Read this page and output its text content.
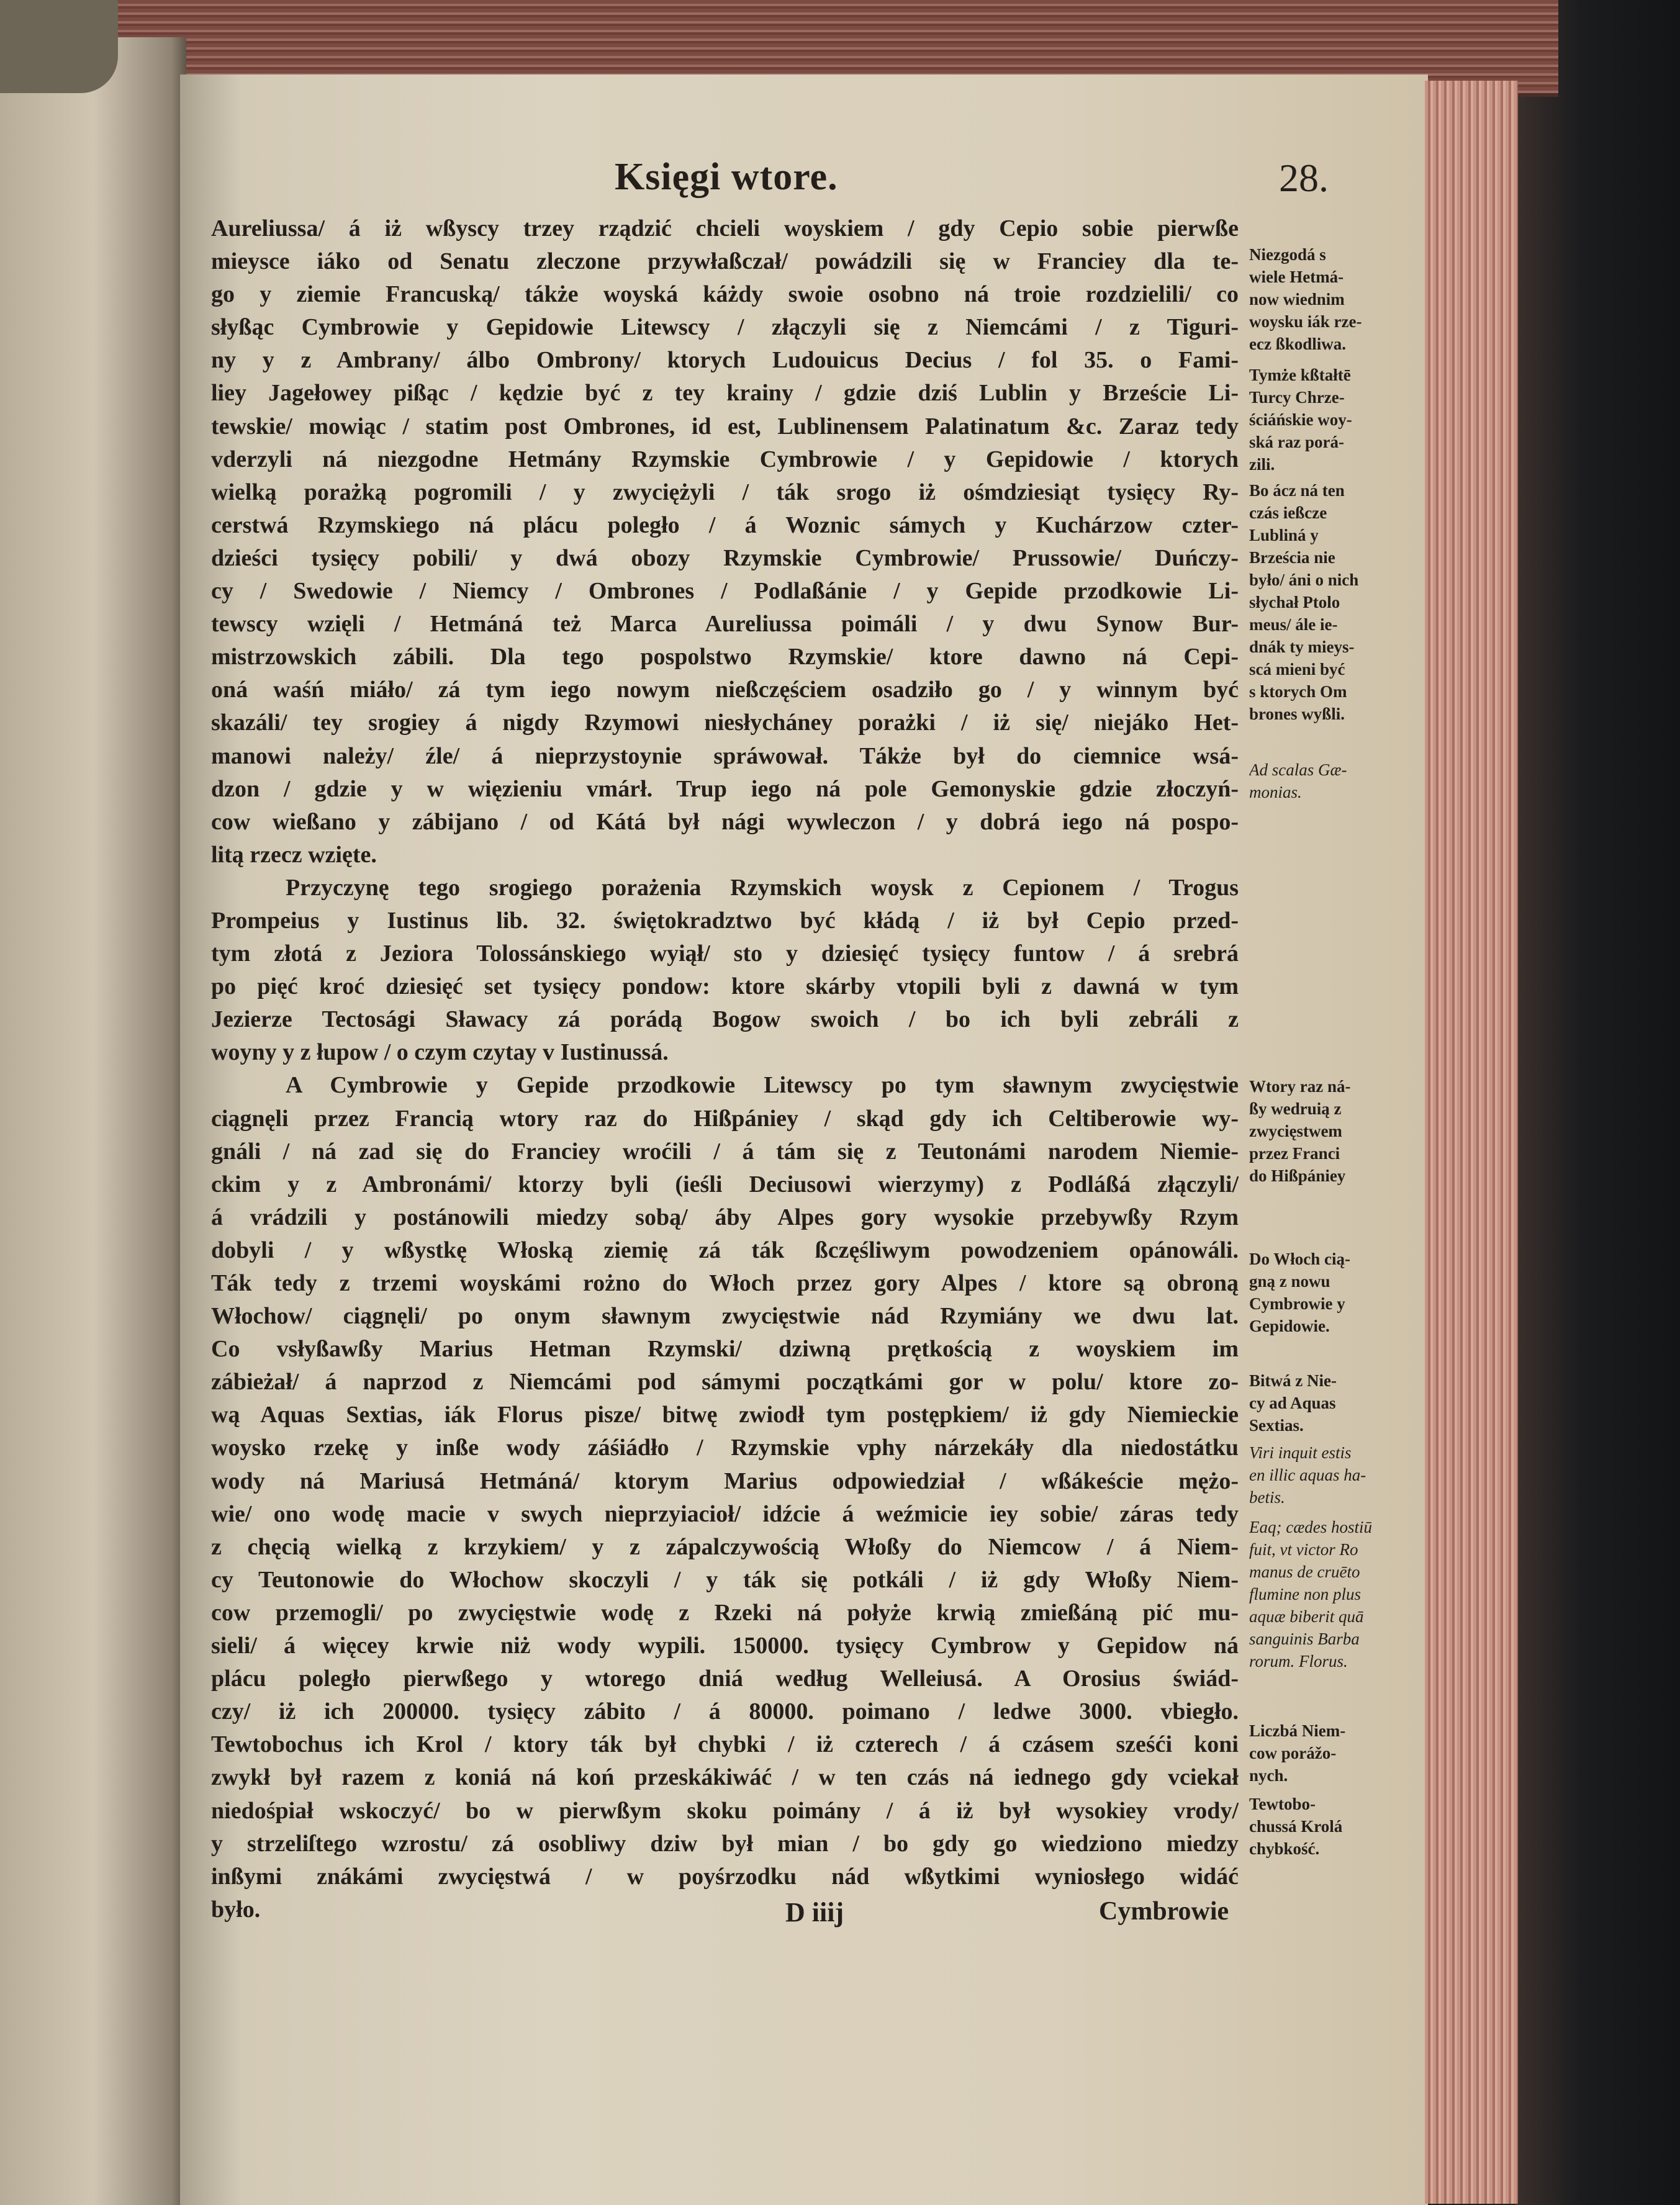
Księgi wtore.	28.
Aureliussa/ á iż wßyscy trzey rządzić chcieli woyskiem / gdy Cepio sobie pierwße
mieysce iáko od Senatu zleczone przywłaßczał/ powádzili się w Franciey dla te-
go y ziemie Francuską/ tákże woyská káżdy swoie osobno ná troie rozdzielili/ co
słyßąc Cymbrowie y Gepidowie Litewscy / złączyli się z Niemcámi / z Tiguri-
ny y z Ambrany/ álbo Ombrony/ ktorych Ludouicus Decius / fol 35. o Fami-
liey Jagełowey pißąc / kędzie być z tey krainy / gdzie dziś Lublin y Brzeście Li-
tewskie/ mowiąc / statim post Ombrones, id est, Lublinensem Palatinatum &c. Zaraz tedy
vderzyli ná niezgodne Hetmány Rzymskie Cymbrowie / y Gepidowie / ktorych
wielką porażką pogromili / y zwyciężyli / ták srogo iż ośmdziesiąt tysięcy Ry-
cerstwá Rzymskiego ná plácu poległo / á Woznic sámych y Kuchárzow czter-
dzieści tysięcy pobili/ y dwá obozy Rzymskie Cymbrowie/ Prussowie/ Duńczy-
cy / Swedowie / Niemcy / Ombrones / Podlaßánie / y Gepide przodkowie Li-
tewscy wzięli / Hetmáná też Marca Aureliussa poimáli / y dwu Synow Bur-
mistrzowskich zábili. Dla tego pospolstwo Rzymskie/ ktore dawno ná Cepi-
oná waśń miáło/ zá tym iego nowym nießczęściem osadziło go / y winnym być
skazáli/ tey srogiey á nigdy Rzymowi niesłycháney porażki / iż się/ niejáko Het-
manowi należy/ źle/ á nieprzystoynie spráwował. Tákże był do ciemnice wsá-
dzon / gdzie y w więzieniu vmárł. Trup iego ná pole Gemonyskie gdzie złoczyń-
cow wießano y zábijano / od Kátá był nági wywleczon / y dobrá iego ná pospo-
litą rzecz wzięte.
Przyczynę tego srogiego porażenia Rzymskich woysk z Cepionem / Trogus
Prompeius y Iustinus lib. 32. świętokradztwo być kłádą / iż był Cepio przed-
tym złotá z Jeziora Tolossánskiego wyiął/ sto y dziesięć tysięcy funtow / á srebrá
po pięć kroć dziesięć set tysięcy pondow: ktore skárby vtopili byli z dawná w tym
Jezierze Tectosági Sławacy zá porádą Bogow swoich / bo ich byli zebráli z
woyny y z łupow / o czym czytay v Iustinussá.
A Cymbrowie y Gepide przodkowie Litewscy po tym sławnym zwycięstwie
ciągnęli przez Francią wtory raz do Hißpániey / skąd gdy ich Celtiberowie wy-
gnáli / ná zad się do Franciey wroćili / á tám się z Teutonámi narodem Niemie-
ckim y z Ambronámi/ ktorzy byli (ieśli Deciusowi wierzymy) z Podláßá złączyli/
á vrádzili y postánowili miedzy sobą/ áby Alpes gory wysokie przebywßy Rzym
dobyli / y wßystkę Włoską ziemię zá ták ßczęśliwym powodzeniem opánowáli.
Ták tedy z trzemi woyskámi rożno do Włoch przez gory Alpes / ktore są obroną
Włochow/ ciągnęli/ po onym sławnym zwycięstwie nád Rzymiány we dwu lat.
Co vsłyßawßy Marius Hetman Rzymski/ dziwną prętkością z woyskiem im
zábieżał/ á naprzod z Niemcámi pod sámymi początkámi gor w polu/ ktore zo-
wą Aquas Sextias, iák Florus pisze/ bitwę zwiodł tym postępkiem/ iż gdy Niemieckie
woysko rzekę y inße wody záśiádło / Rzymskie vphy nárzekáły dla niedostátku
wody ná Mariusá Hetmáná/ ktorym Marius odpowiedział / wßákeście mężo-
wie/ ono wodę macie v swych nieprzyiacioł/ idźcie á weźmicie iey sobie/ záras tedy
z chęcią wielką z krzykiem/ y z zápalczywością Włoßy do Niemcow / á Niem-
cy Teutonowie do Włochow skoczyli / y ták się potkáli / iż gdy Włoßy Niem-
cow przemogli/ po zwycięstwie wodę z Rzeki ná połyże krwią zmießáną pić mu-
sieli/ á więcey krwie niż wody wypili. 150000. tysięcy Cymbrow y Gepidow ná
plácu poległo pierwßego y wtorego dniá według Welleiusá. A Orosius świád-
czy/ iż ich 200000. tysięcy zábito / á 80000. poimano / ledwe 3000. vbiegło.
Tewtobochus ich Krol / ktory ták był chybki / iż czterech / á czásem sześći koni
zwykł był razem z koniá ná koń przeskákiwáć / w ten czás ná iednego gdy vciekał
niedośpiał wskoczyć/ bo w pierwßym skoku poimány / á iż był wysokiey vrody/
y strzeliſtego wzrostu/ zá osobliwy dziw był mian / bo gdy go wiedziono miedzy
inßymi znákámi zwycięstwá / w poyśrzodku nád wßytkimi wyniosłego widáć
było.
Niezgodá s
wiele Hetmá-
now wiednim
woysku iák rze-
ecz ßkodliwa.
Tymże kßtałtē
Turcy Chrze-
ściáńskie woy-
ská raz porá-
zili.
Bo ácz ná ten
czás ießcze
Lubliná y
Brześcia nie
było/ áni o nich
słychał Ptolo
meus/ ále ie-
dnák ty mieys-
scá mieni być
s ktorych Om
brones wyßli.
Ad scalas Gæ-
monias.
Wtory raz ná-
ßy wedruią z
zwycięstwem
przez Franci
do Hißpániey
Do Włoch cią-
gną z nowu
Cymbrowie y
Gepidowie.
Bitwá z Nie-
cy ad Aquas
Sextias.
Viri inquit estis
en illic aquas ha-
betis.
Eaq; cædes hostiū
fuit, vt victor Ro
manus de cruēto
flumine non plus
aquæ biberit quā
sanguinis Barba
rorum. Florus.
Liczbá Niem-
cow porážo-
nych.
Tewtobo-
chussá Krolá
chybkość.
D iiij	Cymbrowie
